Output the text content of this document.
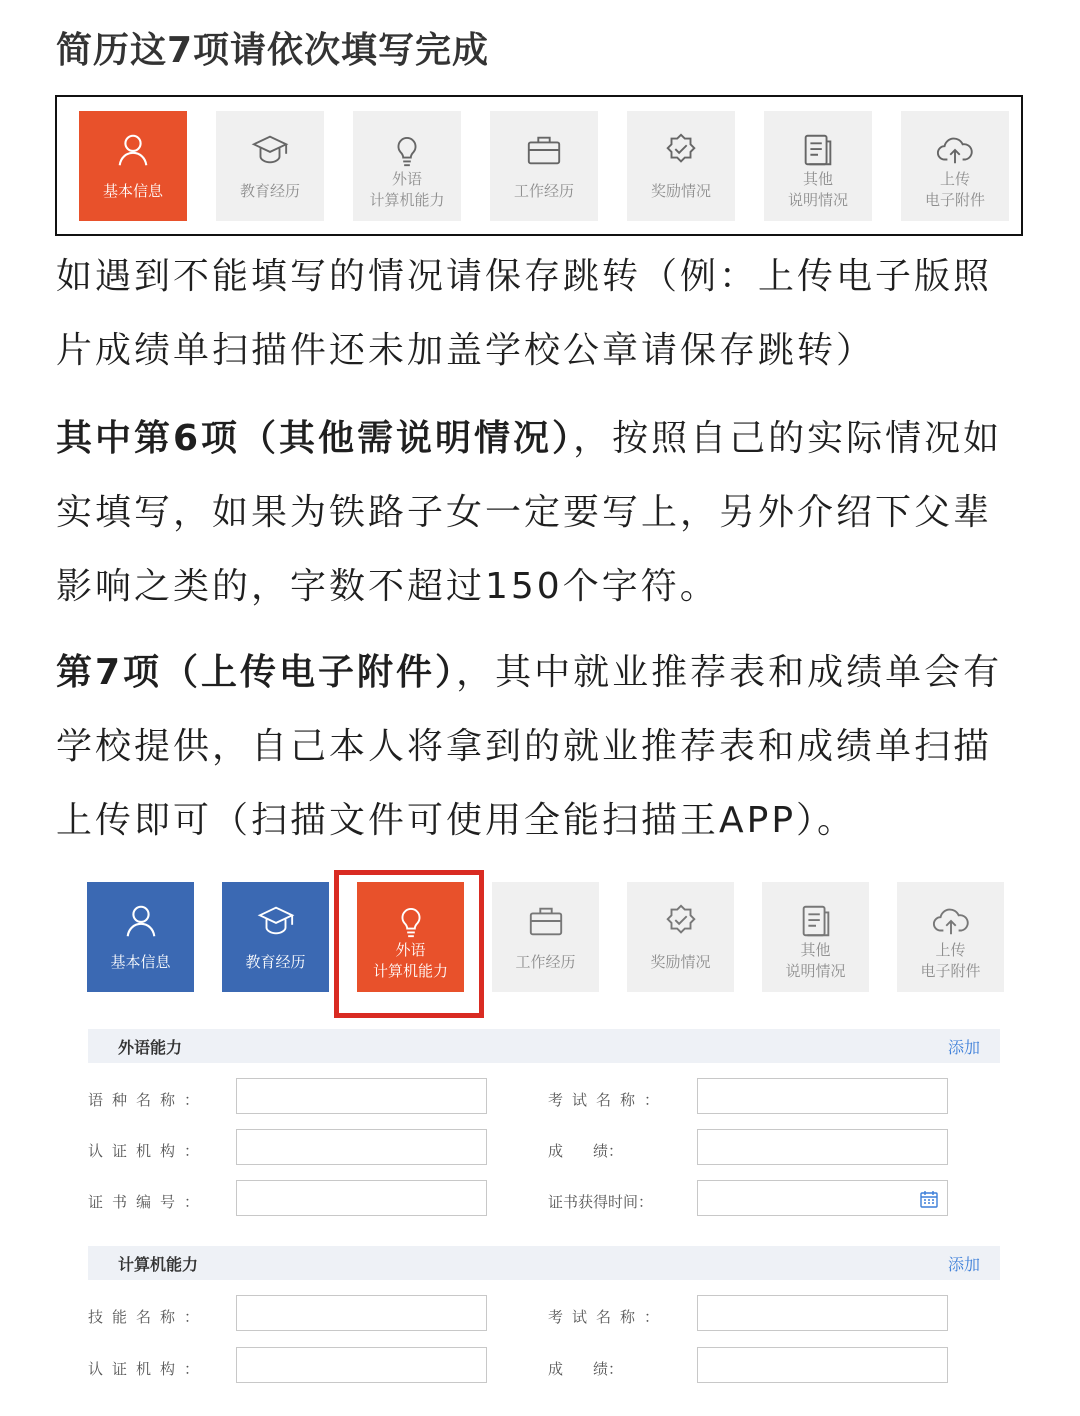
简历这7项请依次填写完成
基本信息	教育经历
外语
计算机能力	工作经历	奖励情况
其他
说明情况
上传
电子附件
如遇到不能填写的情况请保存跳转（例：上传电子版照片成绩单扫描件还未加盖学校公章请保存跳转）
其中第6项（其他需说明情况），按照自己的实际情况如实填写，如果为铁路子女一定要写上，另外介绍下父辈影响之类的，字数不超过150个字符。
第7项（上传电子附件），其中就业推荐表和成绩单会有学校提供，自己本人将拿到的就业推荐表和成绩单扫描上传即可（扫描文件可使用全能扫描王APP）。
基本信息	教育经历
外语
计算机能力	工作经历	奖励情况
其他
说明情况
上传
电子附件
外语能力	添加
语种名称：	考试名称：
认证机构：	成　　绩：
证书编号：	证书获得时间：
计算机能力	添加
技能名称：	考试名称：
认证机构：	成　　绩：
